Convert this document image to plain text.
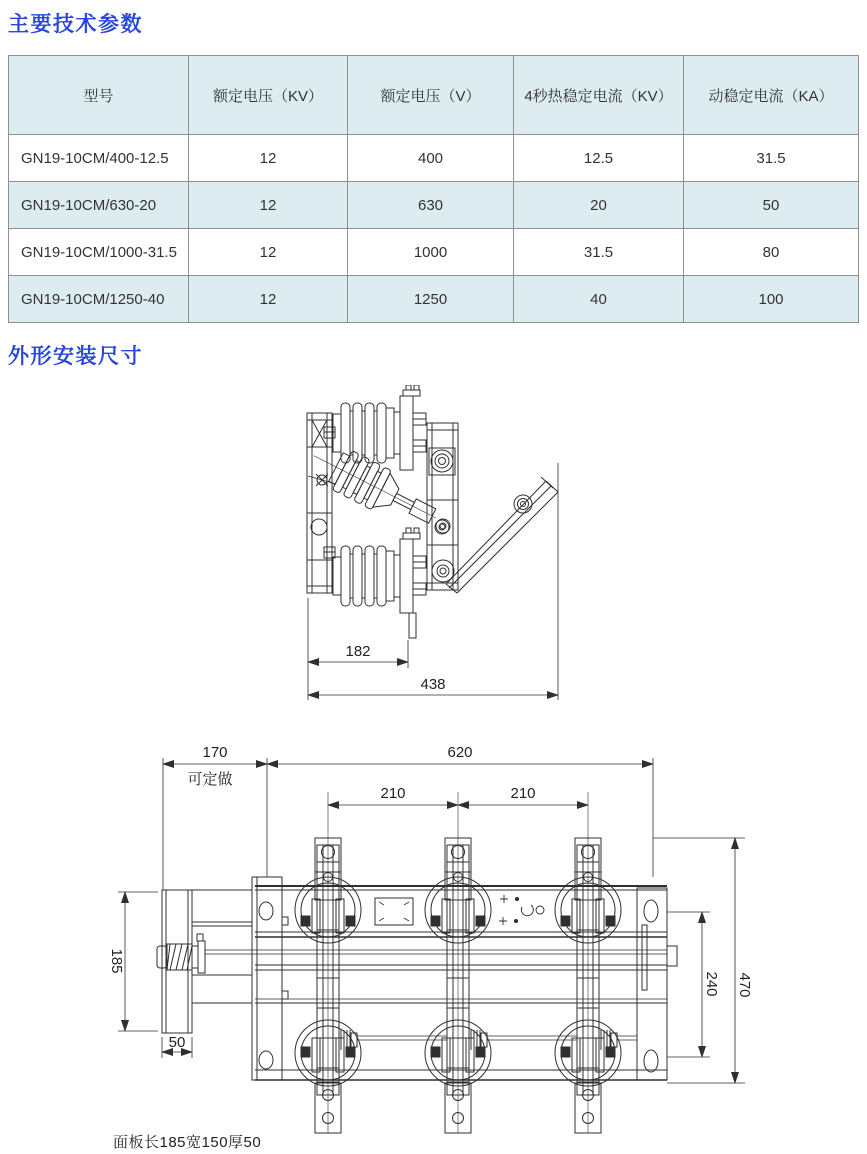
主要技术参数
型号	额定电压（KV）	额定电压（V）	4秒热稳定电流（KV）	动稳定电流（KA）
GN19-10CM/400-12.5	12	400	12.5	31.5
GN19-10CM/630-20	12	630	20	50
GN19-10CM/1000-31.5	12	1000	31.5	80
GN19-10CM/1250-40	12	1250	40	100
外形安装尺寸
182
438
170
可定做
620
210	210
185
50
240 470
面板长185宽150厚50
